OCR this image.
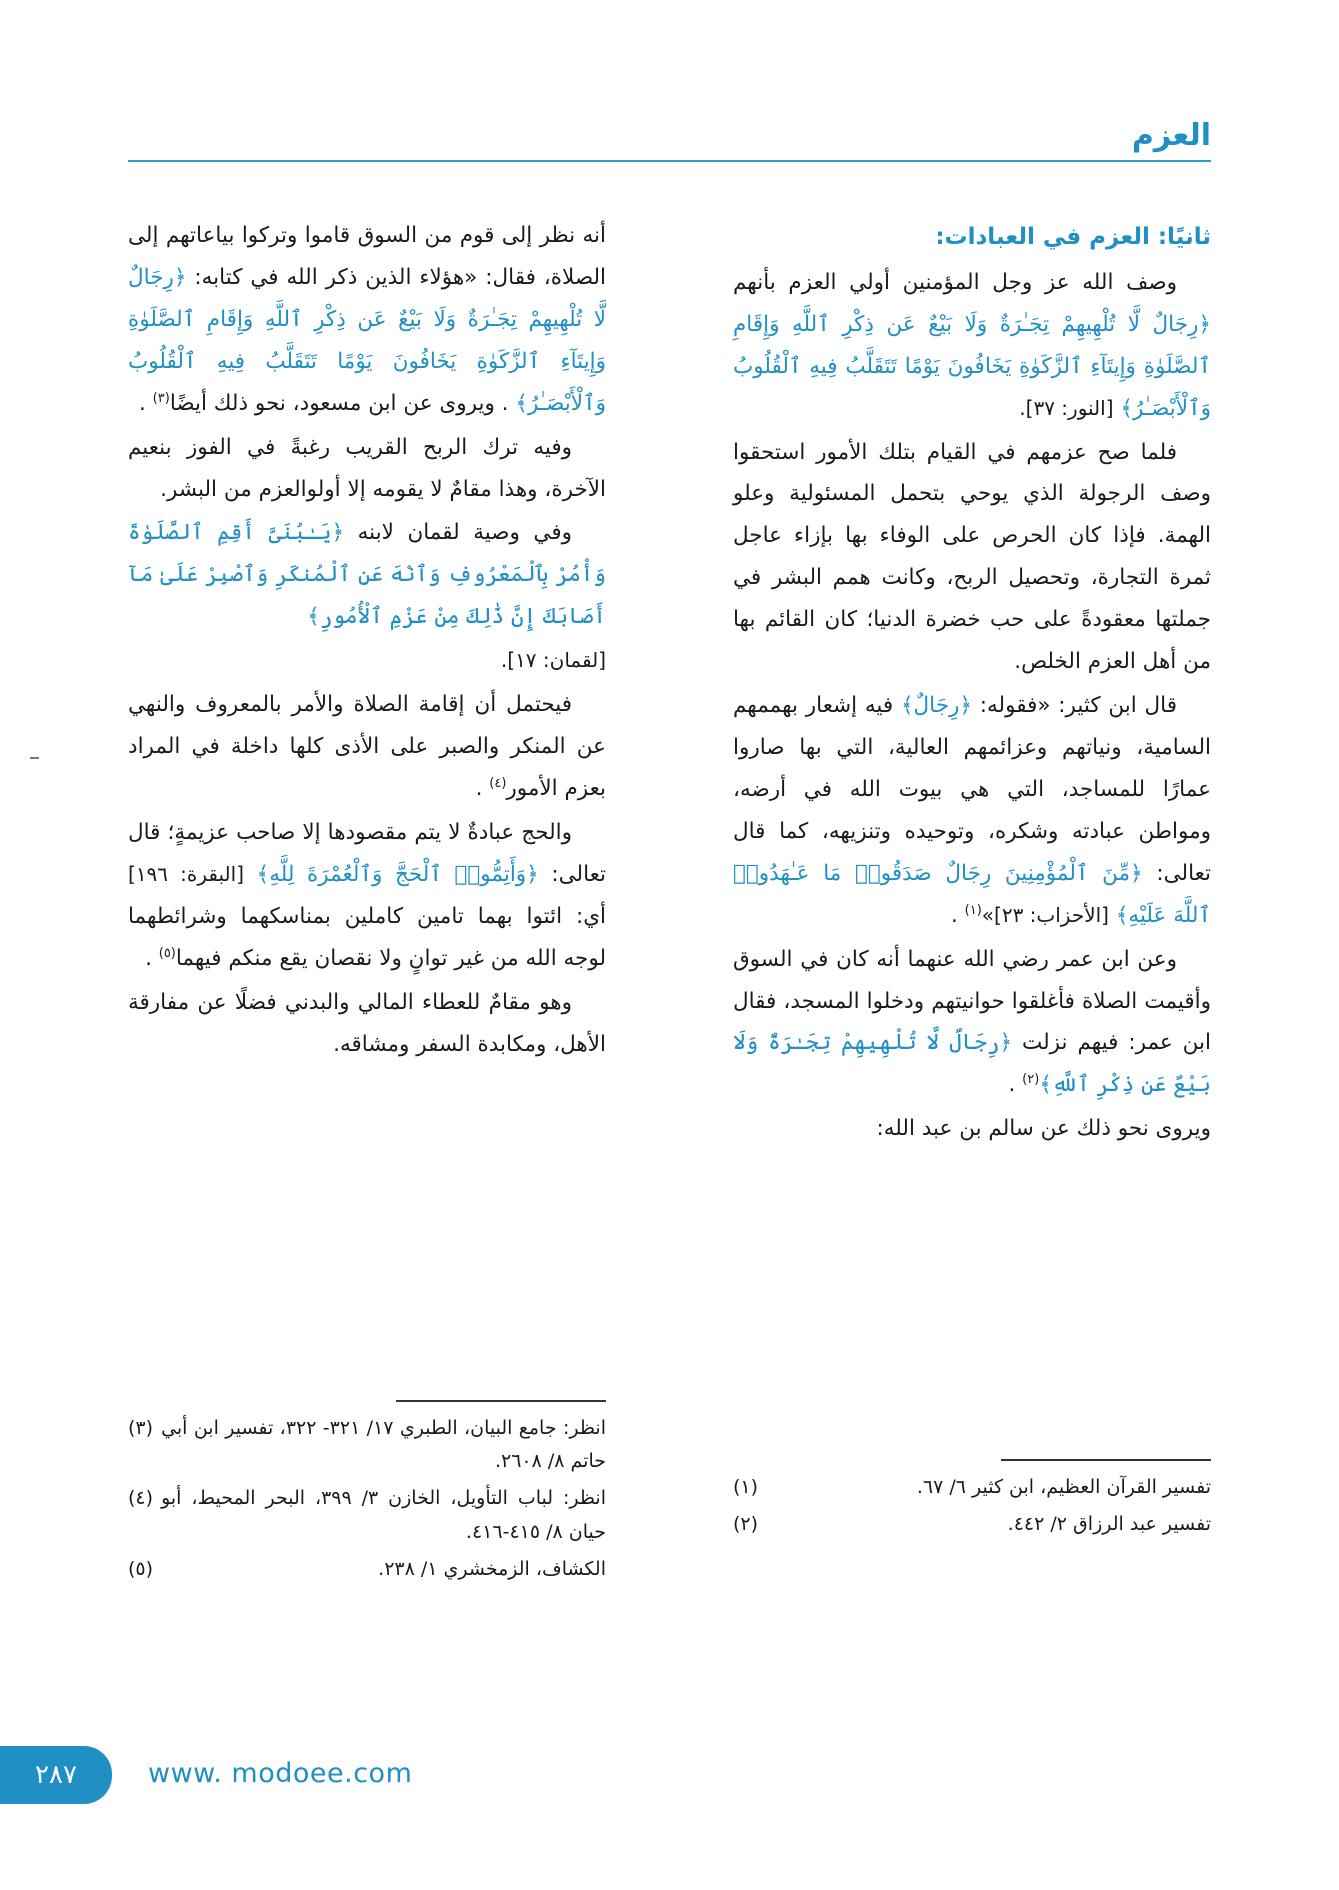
العزم

ثانيًا: العزم في العبادات:

وصف الله عز وجل المؤمنين أولي العزم بأنهم ﴿رِجَالٌ لَّا تُلْهِيهِمْ تِجَـٰرَةٌ وَلَا بَيْعٌ عَن ذِكْرِ ٱللَّهِ وَإِقَامِ ٱلصَّلَوٰةِ وَإِيتَآءِ ٱلزَّكَوٰةِ يَخَافُونَ يَوْمًا تَتَقَلَّبُ فِيهِ ٱلْقُلُوبُ وَٱلْأَبْصَـٰرُ﴾ [النور: ٣٧].

فلما صح عزمهم في القيام بتلك الأمور استحقوا وصف الرجولة الذي يوحي بتحمل المسئولية وعلو الهمة. فإذا كان الحرص على الوفاء بها بإزاء عاجل ثمرة التجارة، وتحصيل الربح، وكانت همم البشر في جملتها معقودةً على حب خضرة الدنيا؛ كان القائم بها من أهل العزم الخلص.

قال ابن كثير: «فقوله: ﴿رِجَالٌ﴾ فيه إشعار بهممهم السامية، ونياتهم وعزائمهم العالية، التي بها صاروا عمارًا للمساجد، التي هي بيوت الله في أرضه، ومواطن عبادته وشكره، وتوحيده وتنزيهه، كما قال تعالى: ﴿مِّنَ ٱلْمُؤْمِنِينَ رِجَالٌ صَدَقُوا۟ مَا عَـٰهَدُوا۟ ٱللَّهَ عَلَيْهِ﴾ [الأحزاب: ٢٣]»$^{(١)}$ .

وعن ابن عمر رضي الله عنهما أنه كان في السوق وأقيمت الصلاة فأغلقوا حوانيتهم ودخلوا المسجد، فقال ابن عمر: فيهم نزلت ﴿رِجَالٌ لَّا تُلْهِيهِمْ تِجَـٰرَةٌ وَلَا بَيْعٌ عَن ذِكْرِ ٱللَّهِ﴾$^{(٢)}$ .

ويروى نحو ذلك عن سالم بن عبد الله:

أنه نظر إلى قوم من السوق قاموا وتركوا بياعاتهم إلى الصلاة، فقال: «هؤلاء الذين ذكر الله في كتابه: ﴿رِجَالٌ لَّا تُلْهِيهِمْ تِجَـٰرَةٌ وَلَا بَيْعٌ عَن ذِكْرِ ٱللَّهِ وَإِقَامِ ٱلصَّلَوٰةِ وَإِيتَآءِ ٱلزَّكَوٰةِ يَخَافُونَ يَوْمًا تَتَقَلَّبُ فِيهِ ٱلْقُلُوبُ وَٱلْأَبْصَـٰرُ﴾ . ويروى عن ابن مسعود، نحو ذلك أيضًا$^{(٣)}$ .

وفيه ترك الربح القريب رغبةً في الفوز بنعيم الآخرة، وهذا مقامٌ لا يقومه إلا أولوالعزم من البشر.

وفي وصية لقمان لابنه ﴿يَـٰبُنَىَّ أَقِمِ ٱلصَّلَوٰةَ وَأْمُرْ بِٱلْمَعْرُوفِ وَٱنْهَ عَنِ ٱلْمُنكَرِ وَٱصْبِرْ عَلَىٰ مَآ أَصَابَكَ إِنَّ ذَٰلِكَ مِنْ عَزْمِ ٱلْأُمُورِ﴾

[لقمان: ١٧].

فيحتمل أن إقامة الصلاة والأمر بالمعروف والنهي عن المنكر والصبر على الأذى كلها داخلة في المراد بعزم الأمور$^{(٤)}$ .

والحج عبادةٌ لا يتم مقصودها إلا صاحب عزيمةٍ؛ قال تعالى: ﴿وَأَتِمُّوا۟ ٱلْحَجَّ وَٱلْعُمْرَةَ لِلَّهِ﴾ [البقرة: ١٩٦] أي: ائتوا بهما تامين كاملين بمناسكهما وشرائطهما لوجه الله من غير توانٍ ولا نقصان يقع منكم فيهما$^{(٥)}$ .

وهو مقامٌ للعطاء المالي والبدني فضلًا عن مفارقة الأهل، ومكابدة السفر ومشاقه.

(١)	تفسير القرآن العظيم، ابن كثير ٦/ ٦٧.
(٢)	تفسير عبد الرزاق ٢/ ٤٤٢.
(٣) انظر: جامع البيان، الطبري ١٧/ ٣٢١- ٣٢٢، تفسير ابن أبي حاتم ٨/ ٢٦٠٨.
(٤) انظر: لباب التأويل، الخازن ٣/ ٣٩٩، البحر المحيط، أبو حيان ٨/ ٤١٥-٤١٦.
(٥)	الكشاف، الزمخشري ١/ ٢٣٨.
٢٨٧	www. modoee.com
